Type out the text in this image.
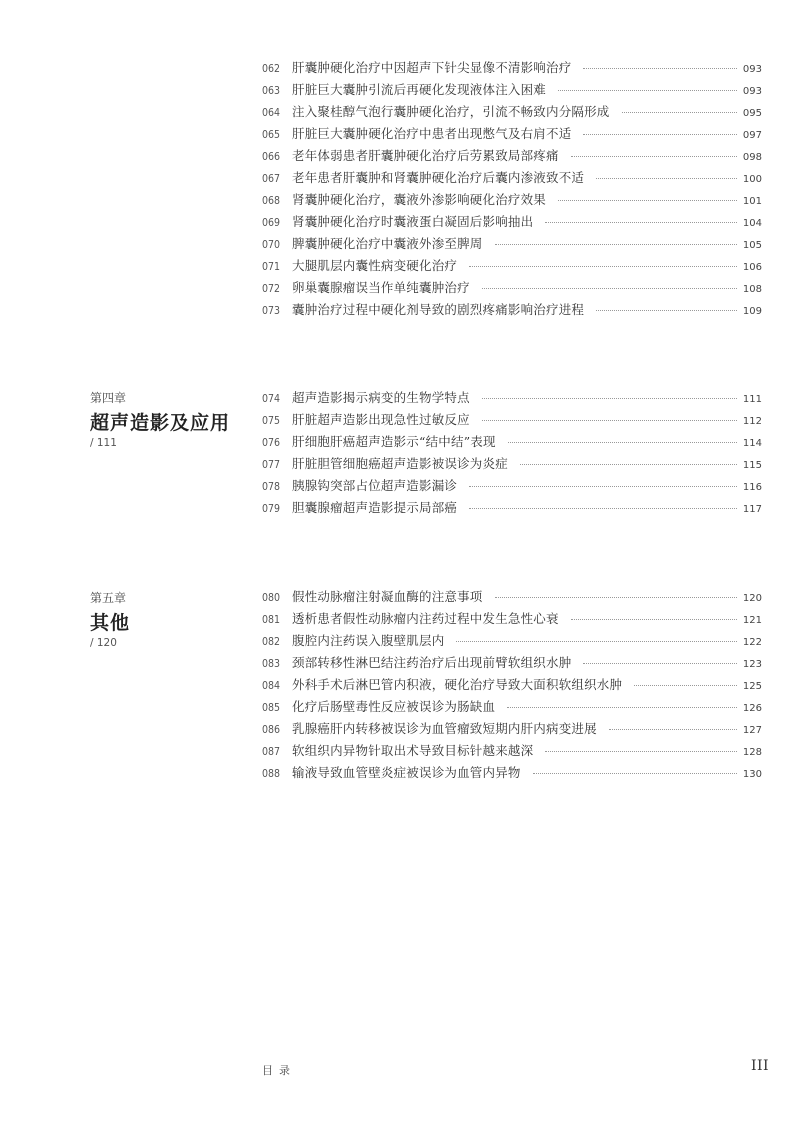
062 肝囊肿硬化治疗中因超声下针尖显像不清影响治疗	093
063 肝脏巨大囊肿引流后再硬化发现液体注入困难	093
064 注入聚桂醇气泡行囊肿硬化治疗，引流不畅致内分隔形成	095
065 肝脏巨大囊肿硬化治疗中患者出现憋气及右肩不适	097
066 老年体弱患者肝囊肿硬化治疗后劳累致局部疼痛	098
067 老年患者肝囊肿和肾囊肿硬化治疗后囊内渗液致不适	100
068 肾囊肿硬化治疗，囊液外渗影响硬化治疗效果	101
069 肾囊肿硬化治疗时囊液蛋白凝固后影响抽出	104
070 脾囊肿硬化治疗中囊液外渗至脾周	105
071 大腿肌层内囊性病变硬化治疗	106
072 卵巢囊腺瘤误当作单纯囊肿治疗	108
073 囊肿治疗过程中硬化剂导致的剧烈疼痛影响治疗进程	109
第四章
超声造影及应用
/ 111
074 超声造影揭示病变的生物学特点	111
075 肝脏超声造影出现急性过敏反应	112
076 肝细胞肝癌超声造影示“结中结”表现	114
077 肝脏胆管细胞癌超声造影被误诊为炎症	115
078 胰腺钩突部占位超声造影漏诊	116
079 胆囊腺瘤超声造影提示局部癌	117
第五章
其他
/ 120
080 假性动脉瘤注射凝血酶的注意事项	120
081 透析患者假性动脉瘤内注药过程中发生急性心衰	121
082 腹腔内注药误入腹壁肌层内	122
083 颈部转移性淋巴结注药治疗后出现前臂软组织水肿	123
084 外科手术后淋巴管内积液，硬化治疗导致大面积软组织水肿	125
085 化疗后肠壁毒性反应被误诊为肠缺血	126
086 乳腺癌肝内转移被误诊为血管瘤致短期内肝内病变进展	127
087 软组织内异物针取出术导致目标针越来越深	128
088 输液导致血管壁炎症被误诊为血管内异物	130
目录	III
